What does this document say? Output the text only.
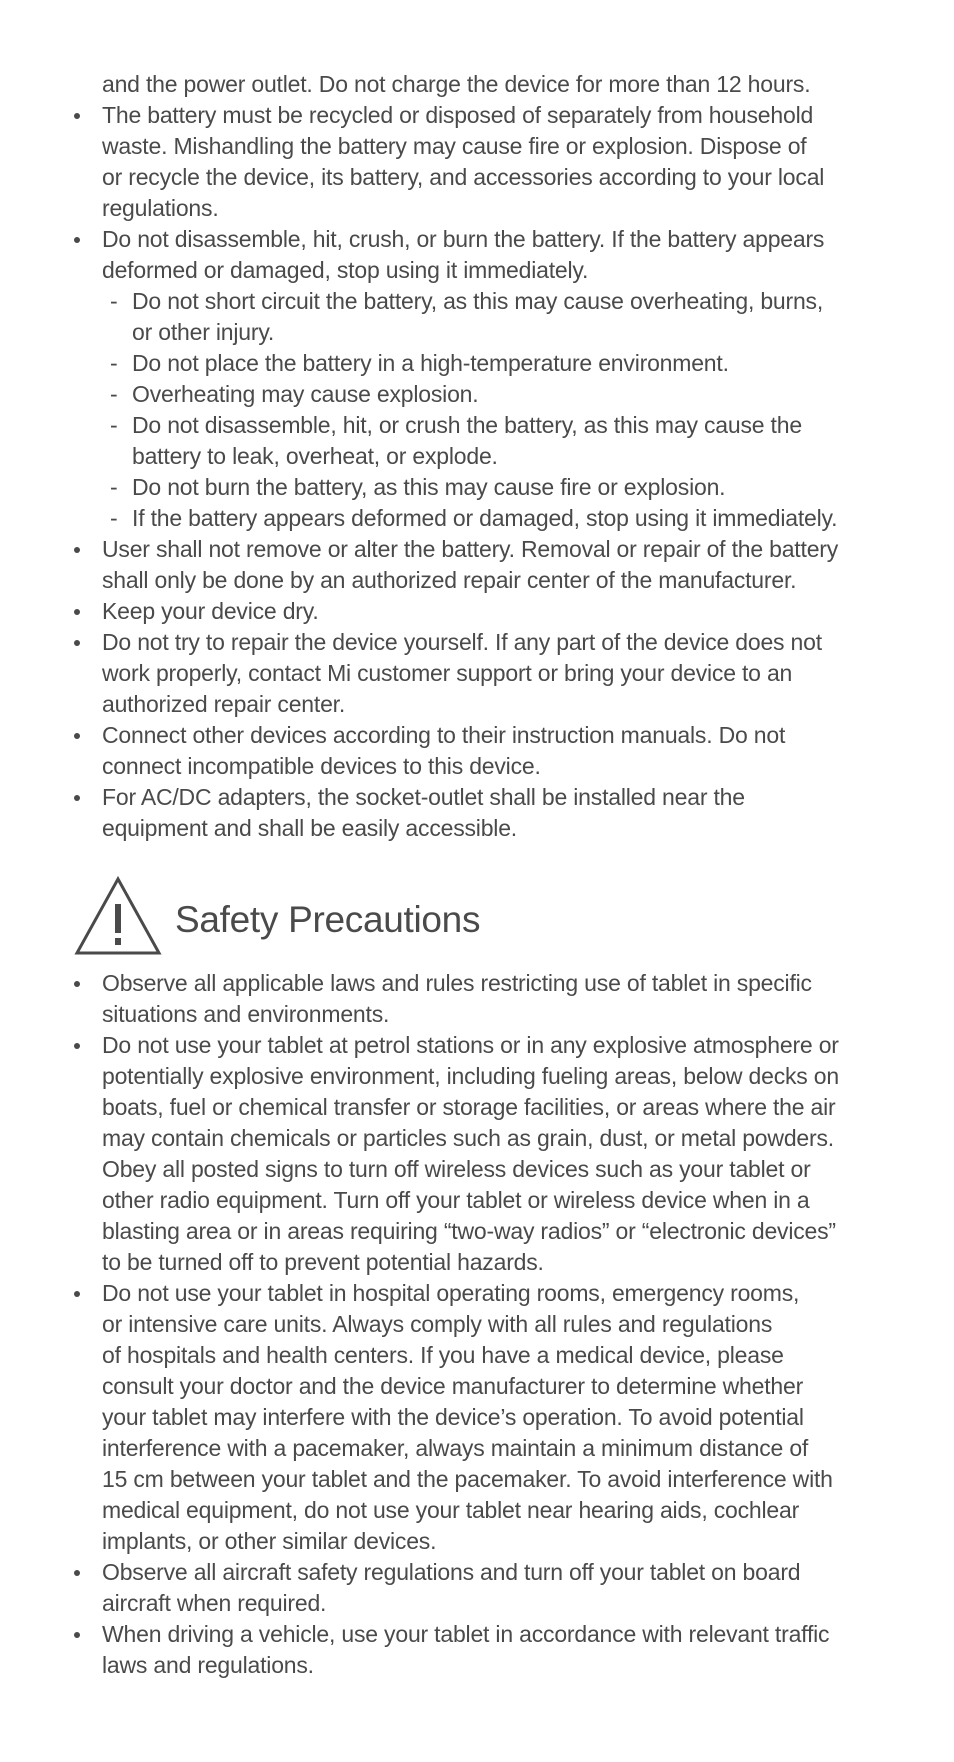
and the power outlet. Do not charge the device for more than 12 hours.
The battery must be recycled or disposed of separately from household
waste. Mishandling the battery may cause fire or explosion. Dispose of
or recycle the device, its battery, and accessories according to your local
regulations.
Do not disassemble, hit, crush, or burn the battery. If the battery appears
deformed or damaged, stop using it immediately.
- Do not short circuit the battery, as this may cause overheating, burns,
or other injury.
- Do not place the battery in a high-temperature environment.
- Overheating may cause explosion.
- Do not disassemble, hit, or crush the battery, as this may cause the
battery to leak, overheat, or explode.
- Do not burn the battery, as this may cause fire or explosion.
- If the battery appears deformed or damaged, stop using it immediately.
User shall not remove or alter the battery. Removal or repair of the battery
shall only be done by an authorized repair center of the manufacturer.
Keep your device dry.
Do not try to repair the device yourself. If any part of the device does not
work properly, contact Mi customer support or bring your device to an
authorized repair center.
Connect other devices according to their instruction manuals. Do not
connect incompatible devices to this device.
For AC/DC adapters, the socket-outlet shall be installed near the
equipment and shall be easily accessible.
Safety Precautions
Observe all applicable laws and rules restricting use of tablet in specific
situations and environments.
Do not use your tablet at petrol stations or in any explosive atmosphere or
potentially explosive environment, including fueling areas, below decks on
boats, fuel or chemical transfer or storage facilities, or areas where the air
may contain chemicals or particles such as grain, dust, or metal powders.
Obey all posted signs to turn off wireless devices such as your tablet or
other radio equipment. Turn off your tablet or wireless device when in a
blasting area or in areas requiring “two-way radios” or “electronic devices”
to be turned off to prevent potential hazards.
Do not use your tablet in hospital operating rooms, emergency rooms,
or intensive care units. Always comply with all rules and regulations
of hospitals and health centers. If you have a medical device, please
consult your doctor and the device manufacturer to determine whether
your tablet may interfere with the device’s operation. To avoid potential
interference with a pacemaker, always maintain a minimum distance of
15 cm between your tablet and the pacemaker. To avoid interference with
medical equipment, do not use your tablet near hearing aids, cochlear
implants, or other similar devices.
Observe all aircraft safety regulations and turn off your tablet on board
aircraft when required.
When driving a vehicle, use your tablet in accordance with relevant traffic
laws and regulations.
